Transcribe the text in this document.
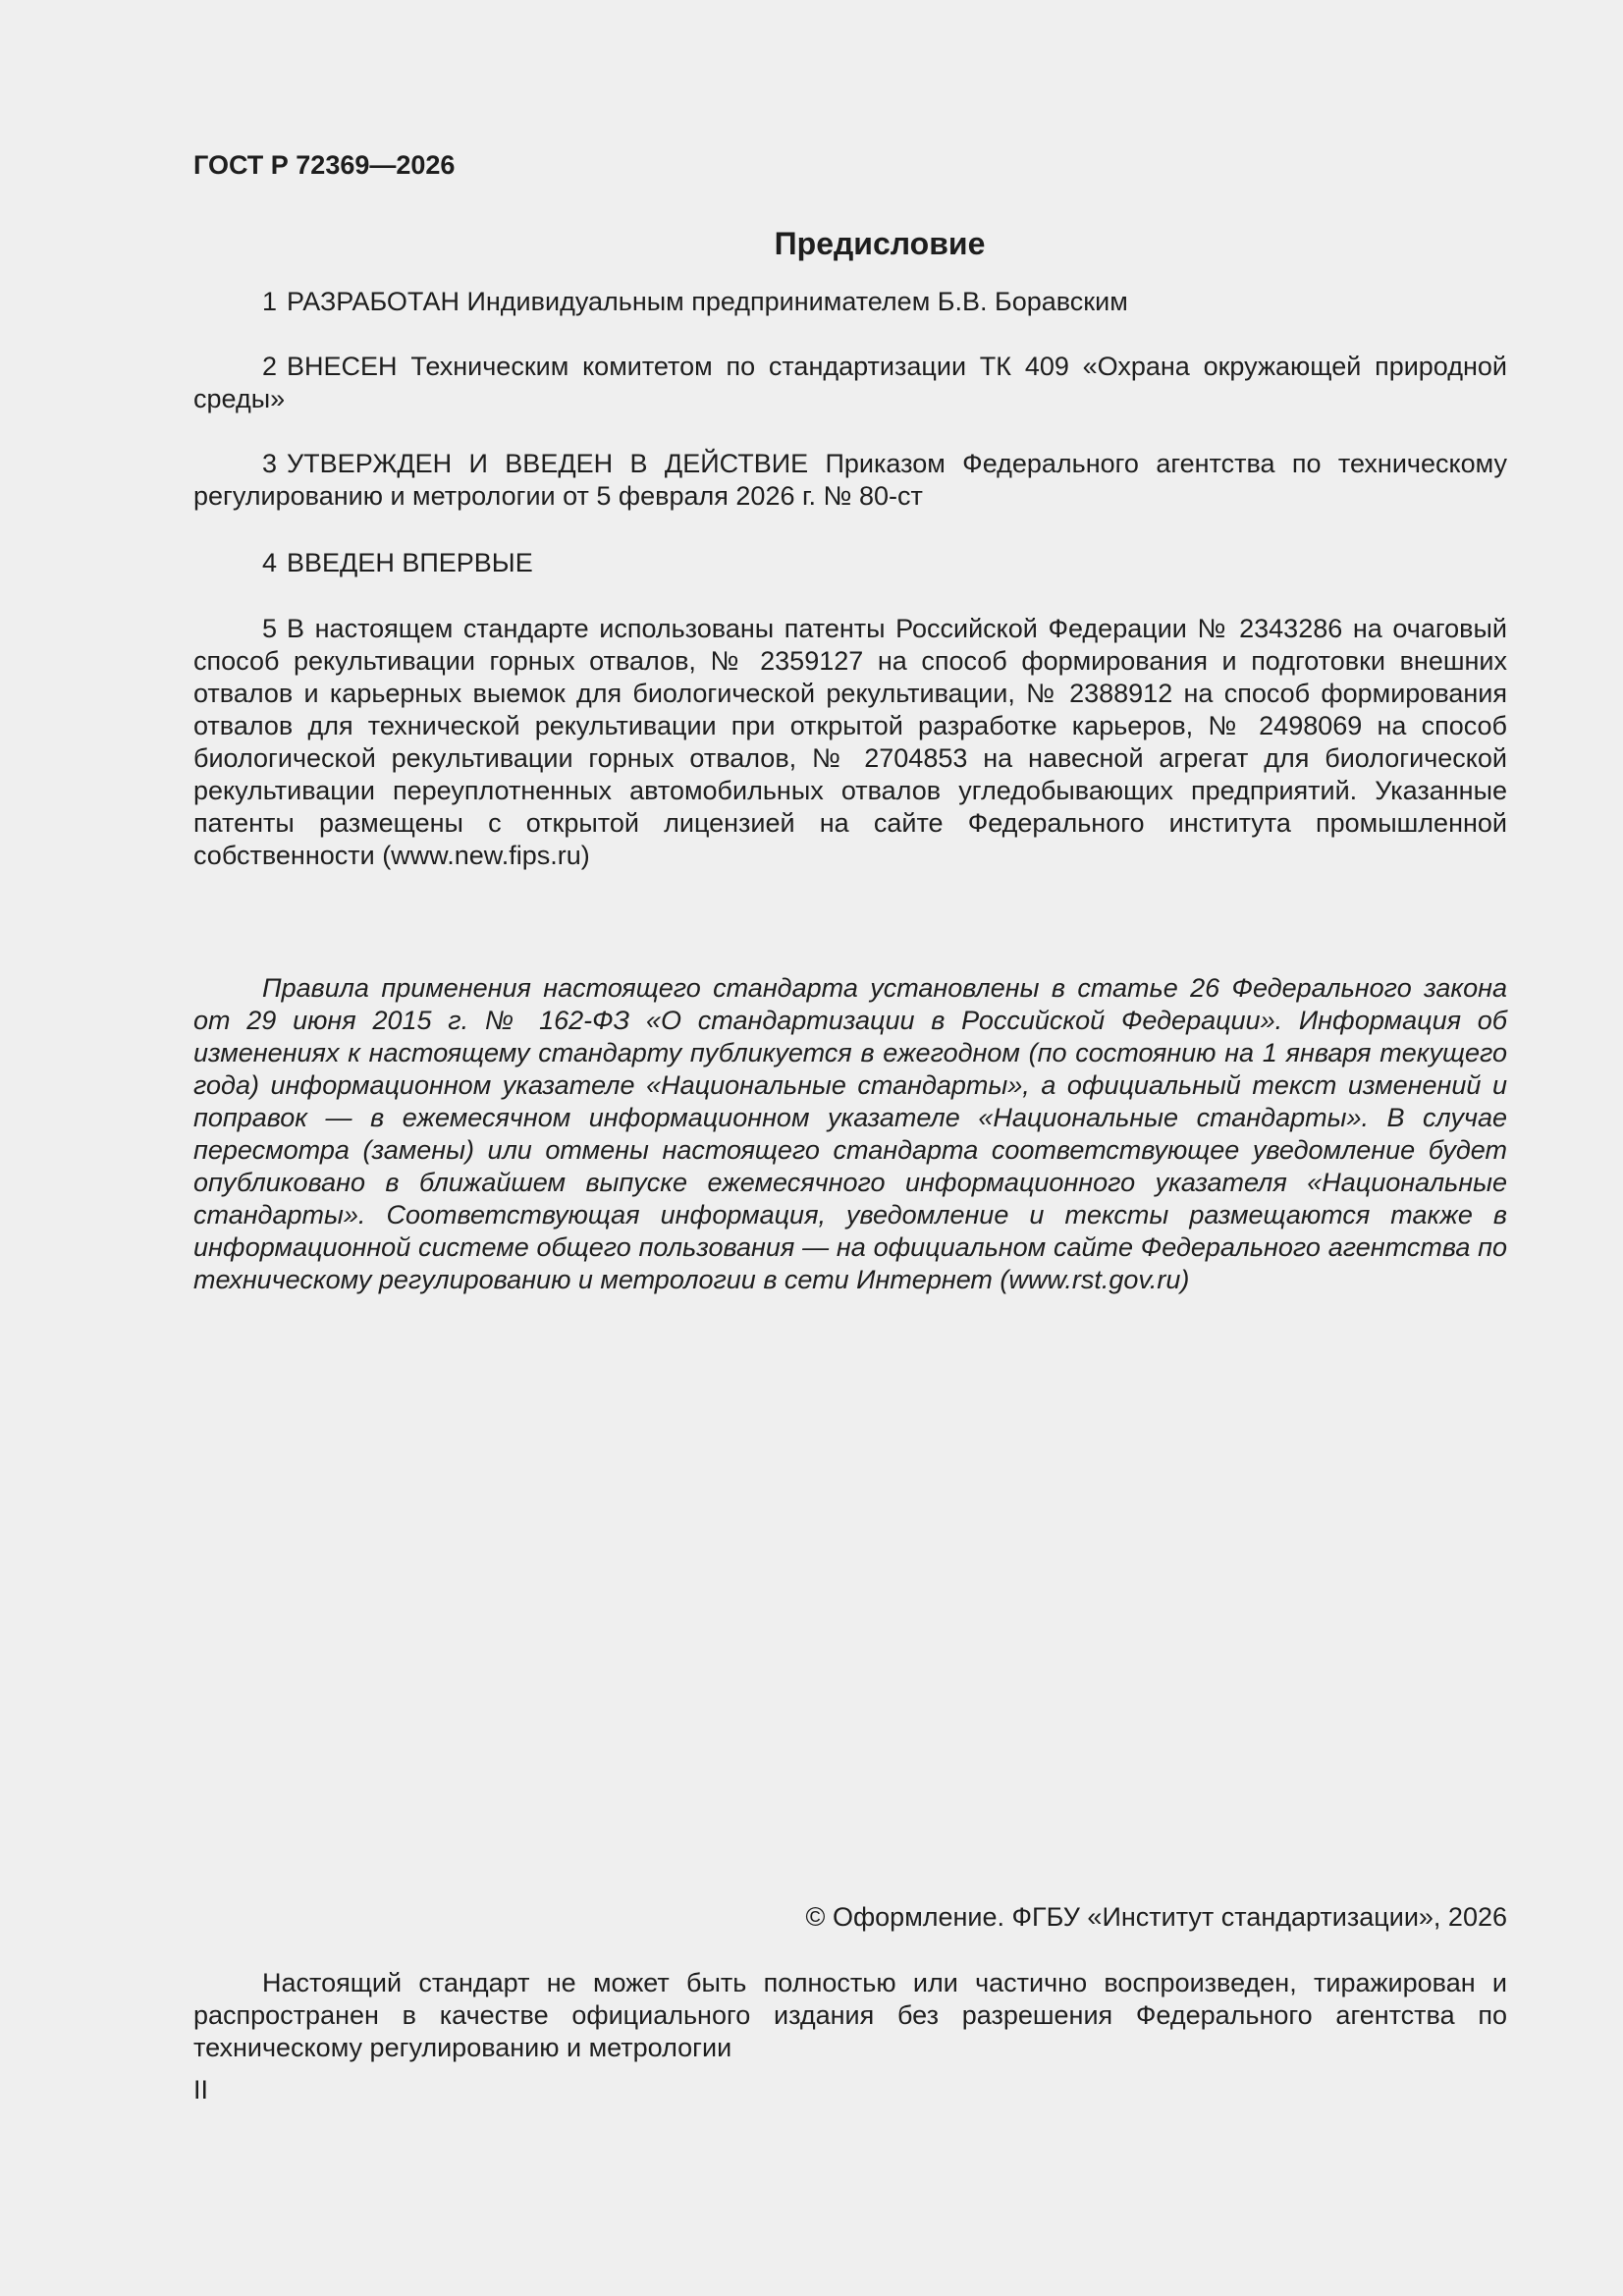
ГОСТ Р 72369—2026
Предисловие
1 РАЗРАБОТАН Индивидуальным предпринимателем Б.В. Боравским
2 ВНЕСЕН Техническим комитетом по стандартизации ТК 409 «Охрана окружающей природной среды»
3 УТВЕРЖДЕН И ВВЕДЕН В ДЕЙСТВИЕ Приказом Федерального агентства по техническому регулированию и метрологии от 5 февраля 2026 г. № 80-ст
4 ВВЕДЕН ВПЕРВЫЕ
5 В настоящем стандарте использованы патенты Российской Федерации № 2343286 на очаговый способ рекультивации горных отвалов, № 2359127 на способ формирования и подготовки внешних отвалов и карьерных выемок для биологической рекультивации, № 2388912 на способ формирования отвалов для технической рекультивации при открытой разработке карьеров, № 2498069 на способ биологической рекультивации горных отвалов, № 2704853 на навесной агрегат для биологической рекультивации переуплотненных автомобильных отвалов угледобывающих предприятий. Указанные патенты размещены с открытой лицензией на сайте Федерального института промышленной собственности (www.new.fips.ru)
Правила применения настоящего стандарта установлены в статье 26 Федерального закона от 29 июня 2015 г. № 162-ФЗ «О стандартизации в Российской Федерации». Информация об изменениях к настоящему стандарту публикуется в ежегодном (по состоянию на 1 января текущего года) информационном указателе «Национальные стандарты», а официальный текст изменений и поправок — в ежемесячном информационном указателе «Национальные стандарты». В случае пересмотра (замены) или отмены настоящего стандарта соответствующее уведомление будет опубликовано в ближайшем выпуске ежемесячного информационного указателя «Национальные стандарты». Соответствующая информация, уведомление и тексты размещаются также в информационной системе общего пользования — на официальном сайте Федерального агентства по техническому регулированию и метрологии в сети Интернет (www.rst.gov.ru)
© Оформление. ФГБУ «Институт стандартизации», 2026
Настоящий стандарт не может быть полностью или частично воспроизведен, тиражирован и распространен в качестве официального издания без разрешения Федерального агентства по техническому регулированию и метрологии
II
